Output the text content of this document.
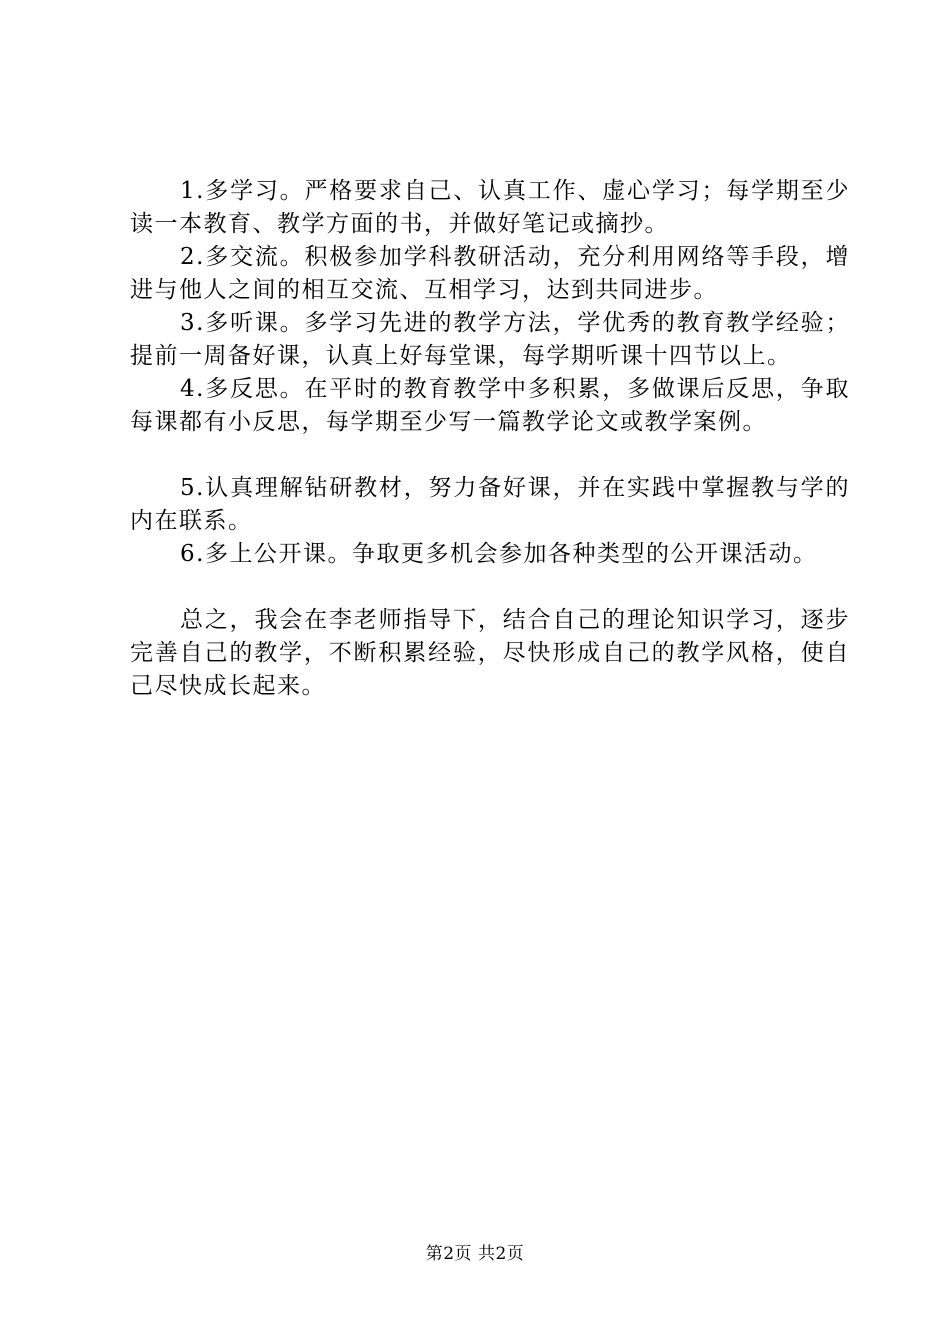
1.多学习。严格要求自己、认真工作、虚心学习；每学期至少读一本教育、教学方面的书，并做好笔记或摘抄。

2.多交流。积极参加学科教研活动，充分利用网络等手段，增进与他人之间的相互交流、互相学习，达到共同进步。

3.多听课。多学习先进的教学方法，学优秀的教育教学经验；提前一周备好课，认真上好每堂课，每学期听课十四节以上。

4.多反思。在平时的教育教学中多积累，多做课后反思，争取每课都有小反思，每学期至少写一篇教学论文或教学案例。

5.认真理解钻研教材，努力备好课，并在实践中掌握教与学的内在联系。

6.多上公开课。争取更多机会参加各种类型的公开课活动。

总之，我会在李老师指导下，结合自己的理论知识学习，逐步完善自己的教学，不断积累经验，尽快形成自己的教学风格，使自己尽快成长起来。

第2页 共2页
